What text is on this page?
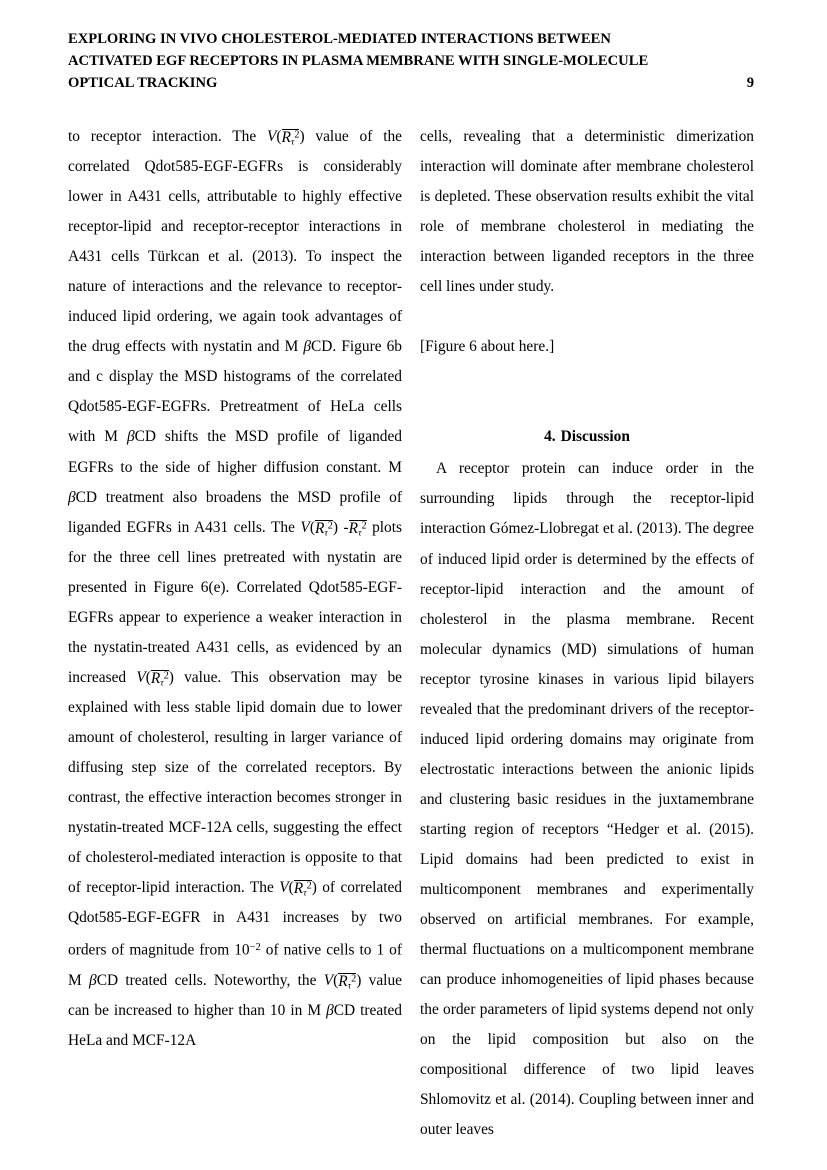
EXPLORING IN VIVO CHOLESTEROL-MEDIATED INTERACTIONS BETWEEN
ACTIVATED EGF RECEPTORS IN PLASMA MEMBRANE WITH SINGLE-MOLECULE
OPTICAL TRACKING	9

to receptor interaction. The $V(R_\tau^2)$ value of the correlated Qdot585-EGF-EGFRs is considerably lower in A431 cells, attributable to highly effective receptor-lipid and receptor-receptor interactions in A431 cells Türkcan et al. (2013). To inspect the nature of interactions and the relevance to receptor-induced lipid ordering, we again took advantages of the drug effects with nystatin and M βCD. Figure 6b and c display the MSD histograms of the correlated Qdot585-EGF-EGFRs. Pretreatment of HeLa cells with M βCD shifts the MSD profile of liganded EGFRs to the side of higher diffusion constant. M βCD treatment also broadens the MSD profile of liganded EGFRs in A431 cells. The $V(R_\tau^2)$ $-R_\tau^2$ plots for the three cell lines pretreated with nystatin are presented in Figure 6(e). Correlated Qdot585-EGF-EGFRs appear to experience a weaker interaction in the nystatin-treated A431 cells, as evidenced by an increased $V(R_\tau^2)$ value. This observation may be explained with less stable lipid domain due to lower amount of cholesterol, resulting in larger variance of diffusing step size of the correlated receptors. By contrast, the effective interaction becomes stronger in nystatin-treated MCF-12A cells, suggesting the effect of cholesterol-mediated interaction is opposite to that of receptor-lipid interaction. The $V(R_\tau^2)$ of correlated Qdot585-EGF-EGFR in A431 increases by two orders of magnitude from $10^{-2}$ of native cells to 1 of M βCD treated cells. Noteworthy, the $V(R_\tau^2)$ value can be increased to higher than 10 in M βCD treated HeLa and MCF-12A

cells, revealing that a deterministic dimerization interaction will dominate after membrane cholesterol is depleted. These observation results exhibit the vital role of membrane cholesterol in mediating the interaction between liganded receptors in the three cell lines under study.

[Figure 6 about here.]

4. Discussion

A receptor protein can induce order in the surrounding lipids through the receptor-lipid interaction Gómez-Llobregat et al. (2013). The degree of induced lipid order is determined by the effects of receptor-lipid interaction and the amount of cholesterol in the plasma membrane. Recent molecular dynamics (MD) simulations of human receptor tyrosine kinases in various lipid bilayers revealed that the predominant drivers of the receptor-induced lipid ordering domains may originate from electrostatic interactions between the anionic lipids and clustering basic residues in the juxtamembrane starting region of receptors “Hedger et al. (2015). Lipid domains had been predicted to exist in multicomponent membranes and experimentally observed on artificial membranes. For example, thermal fluctuations on a multicomponent membrane can produce inhomogeneities of lipid phases because the order parameters of lipid systems depend not only on the lipid composition but also on the compositional difference of two lipid leaves Shlomovitz et al. (2014). Coupling between inner and outer leaves
